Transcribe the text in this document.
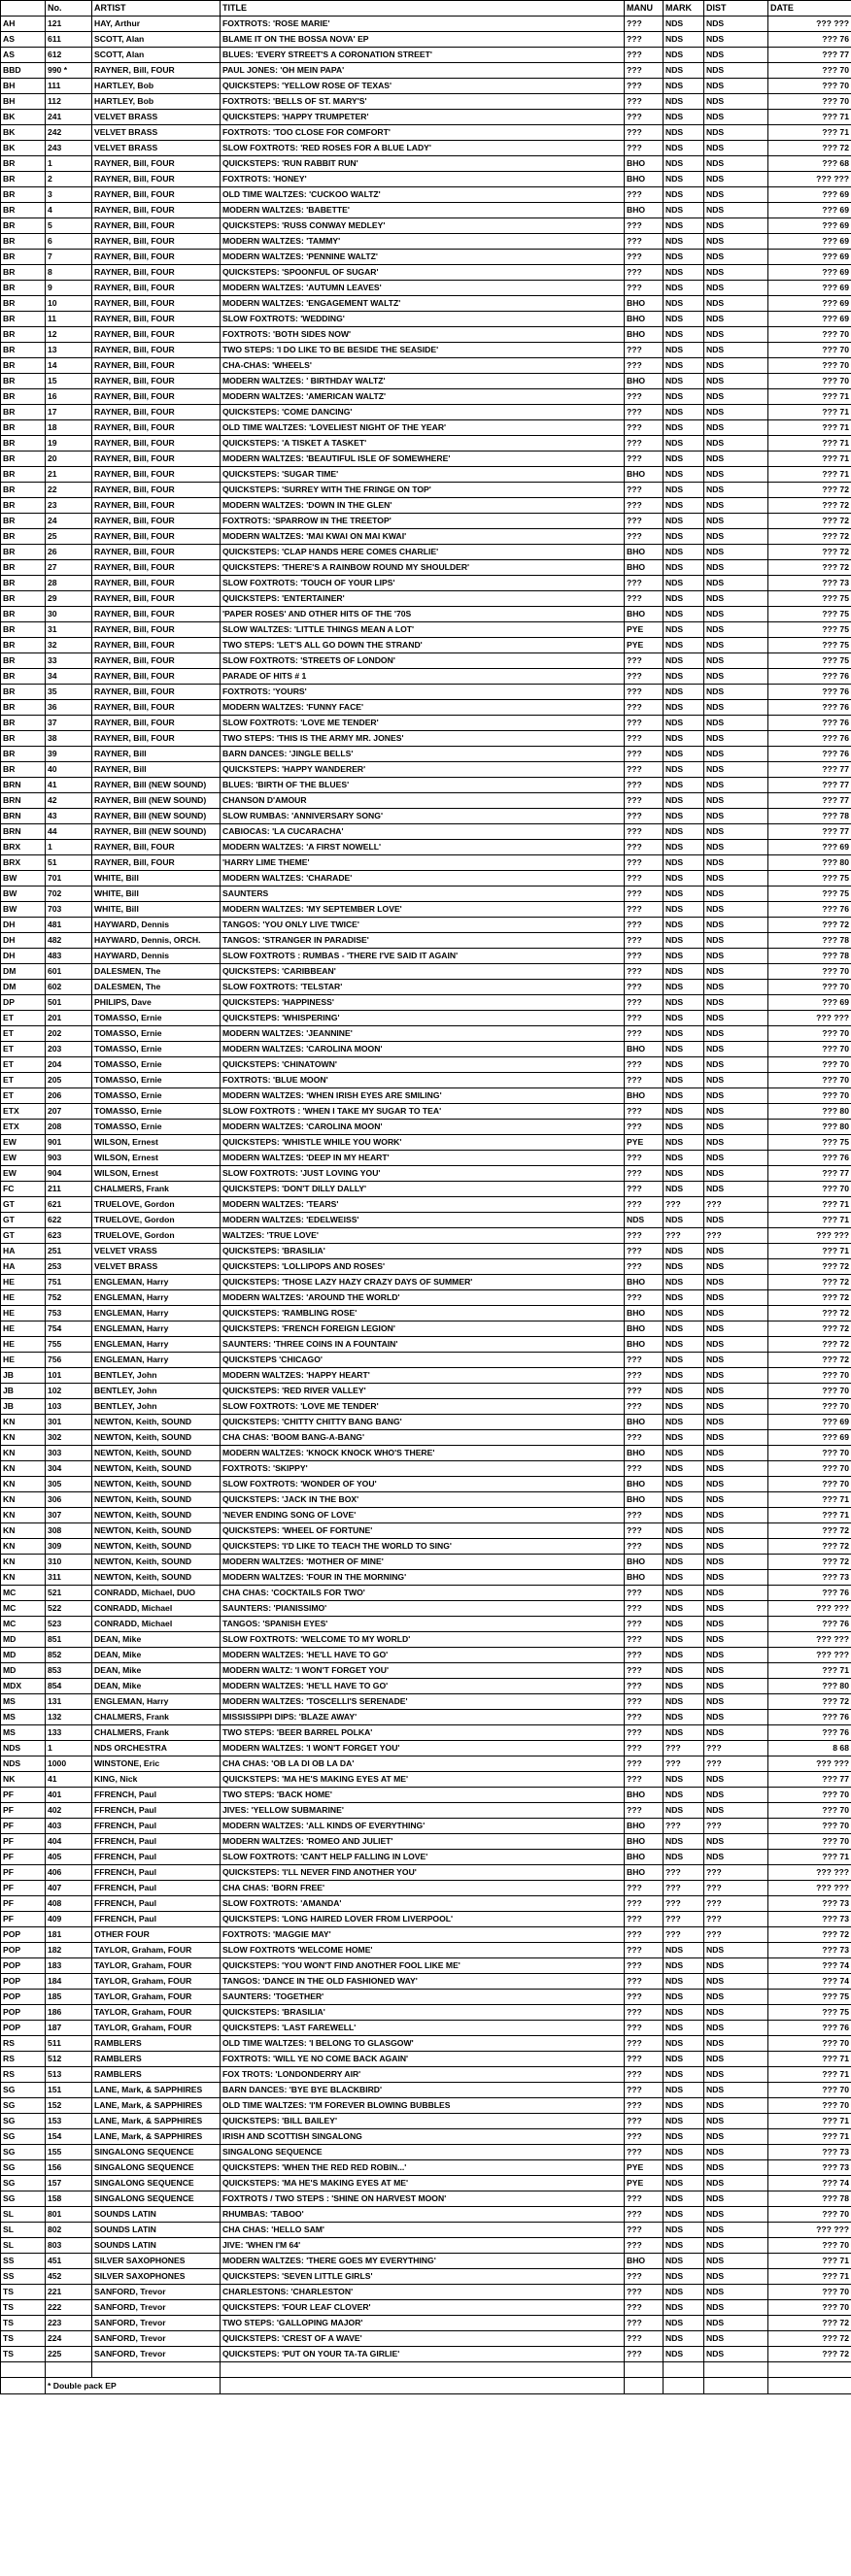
	No.	ARTIST	TITLE	MANU	MARK	DIST	DATE
AH	121	HAY, Arthur	FOXTROTS: 'ROSE MARIE'	???	NDS	NDS	??? ???
AS	611	SCOTT, Alan	BLAME IT ON THE BOSSA NOVA' EP	???	NDS	NDS	??? 76
AS	612	SCOTT, Alan	BLUES: 'EVERY STREET'S A CORONATION STREET'	???	NDS	NDS	??? 77
BBD	990 *	RAYNER, Bill, FOUR	PAUL JONES: 'OH MEIN PAPA'	???	NDS	NDS	??? 70
BH	111	HARTLEY, Bob	QUICKSTEPS: 'YELLOW ROSE OF TEXAS'	???	NDS	NDS	??? 70
BH	112	HARTLEY, Bob	FOXTROTS: 'BELLS OF ST. MARY'S'	???	NDS	NDS	??? 70
BK	241	VELVET BRASS	QUICKSTEPS: 'HAPPY TRUMPETER'	???	NDS	NDS	??? 71
BK	242	VELVET BRASS	FOXTROTS: 'TOO CLOSE FOR COMFORT'	???	NDS	NDS	??? 71
BK	243	VELVET BRASS	SLOW FOXTROTS: 'RED ROSES FOR A BLUE LADY'	???	NDS	NDS	??? 72
BR	1	RAYNER, Bill, FOUR	QUICKSTEPS: 'RUN RABBIT RUN'	BHO	NDS	NDS	??? 68
BR	2	RAYNER, Bill, FOUR	FOXTROTS: 'HONEY'	BHO	NDS	NDS	??? ???
BR	3	RAYNER, Bill, FOUR	OLD TIME WALTZES: 'CUCKOO WALTZ'	???	NDS	NDS	??? 69
BR	4	RAYNER, Bill, FOUR	MODERN WALTZES: 'BABETTE'	BHO	NDS	NDS	??? 69
BR	5	RAYNER, Bill, FOUR	QUICKSTEPS: 'RUSS CONWAY MEDLEY'	???	NDS	NDS	??? 69
BR	6	RAYNER, Bill, FOUR	MODERN WALTZES: 'TAMMY'	???	NDS	NDS	??? 69
BR	7	RAYNER, Bill, FOUR	MODERN WALTZES: 'PENNINE WALTZ'	???	NDS	NDS	??? 69
BR	8	RAYNER, Bill, FOUR	QUICKSTEPS: 'SPOONFUL OF SUGAR'	???	NDS	NDS	??? 69
BR	9	RAYNER, Bill, FOUR	MODERN WALTZES: 'AUTUMN LEAVES'	???	NDS	NDS	??? 69
BR	10	RAYNER, Bill, FOUR	MODERN WALTZES: 'ENGAGEMENT WALTZ'	BHO	NDS	NDS	??? 69
BR	11	RAYNER, Bill, FOUR	SLOW FOXTROTS: 'WEDDING'	BHO	NDS	NDS	??? 69
BR	12	RAYNER, Bill, FOUR	FOXTROTS: 'BOTH SIDES NOW'	BHO	NDS	NDS	??? 70
BR	13	RAYNER, Bill, FOUR	TWO STEPS: 'I DO LIKE TO BE BESIDE THE SEASIDE'	???	NDS	NDS	??? 70
BR	14	RAYNER, Bill, FOUR	CHA-CHAS: 'WHEELS'	???	NDS	NDS	??? 70
BR	15	RAYNER, Bill, FOUR	MODERN WALTZES: ' BIRTHDAY WALTZ'	BHO	NDS	NDS	??? 70
BR	16	RAYNER, Bill, FOUR	MODERN WALTZES: 'AMERICAN WALTZ'	???	NDS	NDS	??? 71
BR	17	RAYNER, Bill, FOUR	QUICKSTEPS: 'COME DANCING'	???	NDS	NDS	??? 71
BR	18	RAYNER, Bill, FOUR	OLD TIME WALTZES: 'LOVELIEST NIGHT OF THE YEAR'	???	NDS	NDS	??? 71
BR	19	RAYNER, Bill, FOUR	QUICKSTEPS: 'A TISKET A TASKET'	???	NDS	NDS	??? 71
BR	20	RAYNER, Bill, FOUR	MODERN WALTZES: 'BEAUTIFUL ISLE OF SOMEWHERE'	???	NDS	NDS	??? 71
BR	21	RAYNER, Bill, FOUR	QUICKSTEPS: 'SUGAR TIME'	BHO	NDS	NDS	??? 71
BR	22	RAYNER, Bill, FOUR	QUICKSTEPS: 'SURREY WITH THE FRINGE ON TOP'	???	NDS	NDS	??? 72
BR	23	RAYNER, Bill, FOUR	MODERN WALTZES: 'DOWN IN THE GLEN'	???	NDS	NDS	??? 72
BR	24	RAYNER, Bill, FOUR	FOXTROTS: 'SPARROW IN THE TREETOP'	???	NDS	NDS	??? 72
BR	25	RAYNER, Bill, FOUR	MODERN WALTZES: 'MAI KWAI ON MAI KWAI'	???	NDS	NDS	??? 72
BR	26	RAYNER, Bill, FOUR	QUICKSTEPS: 'CLAP HANDS HERE COMES CHARLIE'	BHO	NDS	NDS	??? 72
BR	27	RAYNER, Bill, FOUR	QUICKSTEPS: 'THERE'S A RAINBOW ROUND MY SHOULDER'	BHO	NDS	NDS	??? 72
BR	28	RAYNER, Bill, FOUR	SLOW FOXTROTS: 'TOUCH OF YOUR LIPS'	???	NDS	NDS	??? 73
BR	29	RAYNER, Bill, FOUR	QUICKSTEPS: 'ENTERTAINER'	???	NDS	NDS	??? 75
BR	30	RAYNER, Bill, FOUR	'PAPER ROSES' AND OTHER HITS OF THE '70S	BHO	NDS	NDS	??? 75
BR	31	RAYNER, Bill, FOUR	SLOW WALTZES: 'LITTLE THINGS MEAN A LOT'	PYE	NDS	NDS	??? 75
BR	32	RAYNER, Bill, FOUR	TWO STEPS: 'LET'S ALL GO DOWN THE STRAND'	PYE	NDS	NDS	??? 75
BR	33	RAYNER, Bill, FOUR	SLOW FOXTROTS: 'STREETS OF LONDON'	???	NDS	NDS	??? 75
BR	34	RAYNER, Bill, FOUR	PARADE OF HITS # 1	???	NDS	NDS	??? 76
BR	35	RAYNER, Bill, FOUR	FOXTROTS: 'YOURS'	???	NDS	NDS	??? 76
BR	36	RAYNER, Bill, FOUR	MODERN WALTZES: 'FUNNY FACE'	???	NDS	NDS	??? 76
BR	37	RAYNER, Bill, FOUR	SLOW FOXTROTS: 'LOVE ME TENDER'	???	NDS	NDS	??? 76
BR	38	RAYNER, Bill, FOUR	TWO STEPS: 'THIS IS THE ARMY MR. JONES'	???	NDS	NDS	??? 76
BR	39	RAYNER, Bill	BARN DANCES: 'JINGLE BELLS'	???	NDS	NDS	??? 76
BR	40	RAYNER, Bill	QUICKSTEPS: 'HAPPY WANDERER'	???	NDS	NDS	??? 77
BRN	41	RAYNER, Bill (NEW SOUND)	BLUES: 'BIRTH OF THE BLUES'	???	NDS	NDS	??? 77
BRN	42	RAYNER, Bill (NEW SOUND)	CHANSON D'AMOUR	???	NDS	NDS	??? 77
BRN	43	RAYNER, Bill (NEW SOUND)	SLOW RUMBAS: 'ANNIVERSARY SONG'	???	NDS	NDS	??? 78
BRN	44	RAYNER, Bill (NEW SOUND)	CABIOCAS: 'LA CUCARACHA'	???	NDS	NDS	??? 77
BRX	1	RAYNER, Bill, FOUR	MODERN WALTZES: 'A FIRST NOWELL'	???	NDS	NDS	??? 69
BRX	51	RAYNER, Bill, FOUR	'HARRY LIME THEME'	???	NDS	NDS	??? 80
BW	701	WHITE, Bill	MODERN WALTZES: 'CHARADE'	???	NDS	NDS	??? 75
BW	702	WHITE, Bill	SAUNTERS	???	NDS	NDS	??? 75
BW	703	WHITE, Bill	MODERN WALTZES: 'MY SEPTEMBER LOVE'	???	NDS	NDS	??? 76
DH	481	HAYWARD, Dennis	TANGOS: 'YOU ONLY LIVE TWICE'	???	NDS	NDS	??? 72
DH	482	HAYWARD, Dennis, ORCH.	TANGOS: 'STRANGER IN PARADISE'	???	NDS	NDS	??? 78
DH	483	HAYWARD, Dennis	SLOW FOXTROTS : RUMBAS - 'THERE I'VE SAID IT AGAIN'	???	NDS	NDS	??? 78
DM	601	DALESMEN, The	QUICKSTEPS: 'CARIBBEAN'	???	NDS	NDS	??? 70
DM	602	DALESMEN, The	SLOW FOXTROTS: 'TELSTAR'	???	NDS	NDS	??? 70
DP	501	PHILIPS, Dave	QUICKSTEPS: 'HAPPINESS'	???	NDS	NDS	??? 69
ET	201	TOMASSO, Ernie	QUICKSTEPS: 'WHISPERING'	???	NDS	NDS	??? ???
ET	202	TOMASSO, Ernie	MODERN WALTZES: 'JEANNINE'	???	NDS	NDS	??? 70
ET	203	TOMASSO, Ernie	MODERN WALTZES: 'CAROLINA MOON'	BHO	NDS	NDS	??? 70
ET	204	TOMASSO, Ernie	QUICKSTEPS: 'CHINATOWN'	???	NDS	NDS	??? 70
ET	205	TOMASSO, Ernie	FOXTROTS: 'BLUE MOON'	???	NDS	NDS	??? 70
ET	206	TOMASSO, Ernie	MODERN WALTZES: 'WHEN IRISH EYES ARE SMILING'	BHO	NDS	NDS	??? 70
ETX	207	TOMASSO, Ernie	SLOW FOXTROTS : 'WHEN I TAKE MY SUGAR TO TEA'	???	NDS	NDS	??? 80
ETX	208	TOMASSO, Ernie	MODERN WALTZES: 'CAROLINA MOON'	???	NDS	NDS	??? 80
EW	901	WILSON, Ernest	QUICKSTEPS: 'WHISTLE WHILE YOU WORK'	PYE	NDS	NDS	??? 75
EW	903	WILSON, Ernest	MODERN WALTZES: 'DEEP IN MY HEART'	???	NDS	NDS	??? 76
EW	904	WILSON, Ernest	SLOW FOXTROTS: 'JUST LOVING YOU'	???	NDS	NDS	??? 77
FC	211	CHALMERS, Frank	QUICKSTEPS: 'DON'T DILLY DALLY'	???	NDS	NDS	??? 70
GT	621	TRUELOVE, Gordon	MODERN WALTZES: 'TEARS'	???	???	???	??? 71
GT	622	TRUELOVE, Gordon	MODERN WALTZES: 'EDELWEISS'	NDS	NDS	NDS	??? 71
GT	623	TRUELOVE, Gordon	WALTZES: 'TRUE LOVE'	???	???	???	??? ???
HA	251	VELVET VRASS	QUICKSTEPS: 'BRASILIA'	???	NDS	NDS	??? 71
HA	253	VELVET BRASS	QUICKSTEPS: 'LOLLIPOPS AND ROSES'	???	NDS	NDS	??? 72
HE	751	ENGLEMAN, Harry	QUICKSTEPS: 'THOSE LAZY HAZY CRAZY DAYS OF SUMMER'	BHO	NDS	NDS	??? 72
HE	752	ENGLEMAN, Harry	MODERN WALTZES: 'AROUND THE WORLD'	???	NDS	NDS	??? 72
HE	753	ENGLEMAN, Harry	QUICKSTEPS: 'RAMBLING ROSE'	BHO	NDS	NDS	??? 72
HE	754	ENGLEMAN, Harry	QUICKSTEPS: 'FRENCH FOREIGN LEGION'	BHO	NDS	NDS	??? 72
HE	755	ENGLEMAN, Harry	SAUNTERS: 'THREE COINS IN A FOUNTAIN'	BHO	NDS	NDS	??? 72
HE	756	ENGLEMAN, Harry	QUICKSTEPS 'CHICAGO'	???	NDS	NDS	??? 72
JB	101	BENTLEY, John	MODERN WALTZES: 'HAPPY HEART'	???	NDS	NDS	??? 70
JB	102	BENTLEY, John	QUICKSTEPS: 'RED RIVER VALLEY'	???	NDS	NDS	??? 70
JB	103	BENTLEY, John	SLOW FOXTROTS: 'LOVE ME TENDER'	???	NDS	NDS	??? 70
KN	301	NEWTON, Keith, SOUND	QUICKSTEPS: 'CHITTY CHITTY BANG BANG'	BHO	NDS	NDS	??? 69
KN	302	NEWTON, Keith, SOUND	CHA CHAS: 'BOOM BANG-A-BANG'	???	NDS	NDS	??? 69
KN	303	NEWTON, Keith, SOUND	MODERN WALTZES: 'KNOCK KNOCK WHO'S THERE'	BHO	NDS	NDS	??? 70
KN	304	NEWTON, Keith, SOUND	FOXTROTS: 'SKIPPY'	???	NDS	NDS	??? 70
KN	305	NEWTON, Keith, SOUND	SLOW FOXTROTS: 'WONDER OF YOU'	BHO	NDS	NDS	??? 70
KN	306	NEWTON, Keith, SOUND	QUICKSTEPS: 'JACK IN THE BOX'	BHO	NDS	NDS	??? 71
KN	307	NEWTON, Keith, SOUND	'NEVER ENDING SONG OF LOVE'	???	NDS	NDS	??? 71
KN	308	NEWTON, Keith, SOUND	QUICKSTEPS: 'WHEEL OF FORTUNE'	???	NDS	NDS	??? 72
KN	309	NEWTON, Keith, SOUND	QUICKSTEPS: 'I'D LIKE TO TEACH THE WORLD TO SING'	???	NDS	NDS	??? 72
KN	310	NEWTON, Keith, SOUND	MODERN WALTZES: 'MOTHER OF MINE'	BHO	NDS	NDS	??? 72
KN	311	NEWTON, Keith, SOUND	MODERN WALTZES: 'FOUR IN THE MORNING'	BHO	NDS	NDS	??? 73
MC	521	CONRADD, Michael, DUO	CHA CHAS: 'COCKTAILS FOR TWO'	???	NDS	NDS	??? 76
MC	522	CONRADD, Michael	SAUNTERS: 'PIANISSIMO'	???	NDS	NDS	??? ???
MC	523	CONRADD, Michael	TANGOS: 'SPANISH EYES'	???	NDS	NDS	??? 76
MD	851	DEAN, Mike	SLOW FOXTROTS: 'WELCOME TO MY WORLD'	???	NDS	NDS	??? ???
MD	852	DEAN, Mike	MODERN WALTZES: 'HE'LL HAVE TO GO'	???	NDS	NDS	??? ???
MD	853	DEAN, Mike	MODERN WALTZ: 'I WON'T FORGET YOU'	???	NDS	NDS	??? 71
MDX	854	DEAN, Mike	MODERN WALTZES: 'HE'LL HAVE TO GO'	???	NDS	NDS	??? 80
MS	131	ENGLEMAN, Harry	MODERN WALTZES: 'TOSCELLI'S SERENADE'	???	NDS	NDS	??? 72
MS	132	CHALMERS, Frank	MISSISSIPPI DIPS: 'BLAZE AWAY'	???	NDS	NDS	??? 76
MS	133	CHALMERS, Frank	TWO STEPS: 'BEER BARREL POLKA'	???	NDS	NDS	??? 76
NDS	1	NDS ORCHESTRA	MODERN WALTZES: 'I WON'T FORGET YOU'	???	???	???	8 68
NDS	1000	WINSTONE, Eric	CHA CHAS: 'OB LA DI OB LA DA'	???	???	???	??? ???
NK	41	KING, Nick	QUICKSTEPS: 'MA HE'S MAKING EYES AT ME'	???	NDS	NDS	??? 77
PF	401	FFRENCH, Paul	TWO STEPS: 'BACK HOME'	BHO	NDS	NDS	??? 70
PF	402	FFRENCH, Paul	JIVES: 'YELLOW SUBMARINE'	???	NDS	NDS	??? 70
PF	403	FFRENCH, Paul	MODERN WALTZES: 'ALL KINDS OF EVERYTHING'	BHO	???	???	??? 70
PF	404	FFRENCH, Paul	MODERN WALTZES: 'ROMEO AND JULIET'	BHO	NDS	NDS	??? 70
PF	405	FFRENCH, Paul	SLOW FOXTROTS: 'CAN'T HELP FALLING IN LOVE'	BHO	NDS	NDS	??? 71
PF	406	FFRENCH, Paul	QUICKSTEPS: 'I'LL NEVER FIND ANOTHER YOU'	BHO	???	???	??? ???
PF	407	FFRENCH, Paul	CHA CHAS: 'BORN FREE'	???	???	???	??? ???
PF	408	FFRENCH, Paul	SLOW FOXTROTS: 'AMANDA'	???	???	???	??? 73
PF	409	FFRENCH, Paul	QUICKSTEPS: 'LONG HAIRED LOVER FROM LIVERPOOL'	???	???	???	??? 73
POP	181	OTHER FOUR	FOXTROTS: 'MAGGIE MAY'	???	???	???	??? 72
POP	182	TAYLOR, Graham, FOUR	SLOW FOXTROTS 'WELCOME HOME'	???	NDS	NDS	??? 73
POP	183	TAYLOR, Graham, FOUR	QUICKSTEPS: 'YOU WON'T FIND ANOTHER FOOL LIKE ME'	???	NDS	NDS	??? 74
POP	184	TAYLOR, Graham, FOUR	TANGOS: 'DANCE IN THE OLD FASHIONED WAY'	???	NDS	NDS	??? 74
POP	185	TAYLOR, Graham, FOUR	SAUNTERS: 'TOGETHER'	???	NDS	NDS	??? 75
POP	186	TAYLOR, Graham, FOUR	QUICKSTEPS: 'BRASILIA'	???	NDS	NDS	??? 75
POP	187	TAYLOR, Graham, FOUR	QUICKSTEPS: 'LAST FAREWELL'	???	NDS	NDS	??? 76
RS	511	RAMBLERS	OLD TIME WALTZES: 'I BELONG TO GLASGOW'	???	NDS	NDS	??? 70
RS	512	RAMBLERS	FOXTROTS: 'WILL YE NO COME BACK AGAIN'	???	NDS	NDS	??? 71
RS	513	RAMBLERS	FOX TROTS: 'LONDONDERRY AIR'	???	NDS	NDS	??? 71
SG	151	LANE, Mark, & SAPPHIRES	BARN DANCES: 'BYE BYE BLACKBIRD'	???	NDS	NDS	??? 70
SG	152	LANE, Mark, & SAPPHIRES	OLD TIME WALTZES: 'I'M FOREVER BLOWING BUBBLES	???	NDS	NDS	??? 70
SG	153	LANE, Mark, & SAPPHIRES	QUICKSTEPS: 'BILL BAILEY'	???	NDS	NDS	??? 71
SG	154	LANE, Mark, & SAPPHIRES	IRISH AND SCOTTISH SINGALONG	???	NDS	NDS	??? 71
SG	155	SINGALONG SEQUENCE	SINGALONG SEQUENCE	???	NDS	NDS	??? 73
SG	156	SINGALONG SEQUENCE	QUICKSTEPS: 'WHEN THE RED RED ROBIN...'	PYE	NDS	NDS	??? 73
SG	157	SINGALONG SEQUENCE	QUICKSTEPS: 'MA HE'S MAKING EYES AT ME'	PYE	NDS	NDS	??? 74
SG	158	SINGALONG SEQUENCE	FOXTROTS / TWO STEPS : 'SHINE ON HARVEST MOON'	???	NDS	NDS	??? 78
SL	801	SOUNDS LATIN	RHUMBAS: 'TABOO'	???	NDS	NDS	??? 70
SL	802	SOUNDS LATIN	CHA CHAS: 'HELLO SAM'	???	NDS	NDS	??? ???
SL	803	SOUNDS LATIN	JIVE: 'WHEN I'M 64'	???	NDS	NDS	??? 70
SS	451	SILVER SAXOPHONES	MODERN WALTZES: 'THERE GOES MY EVERYTHING'	BHO	NDS	NDS	??? 71
SS	452	SILVER SAXOPHONES	QUICKSTEPS: 'SEVEN LITTLE GIRLS'	???	NDS	NDS	??? 71
TS	221	SANFORD, Trevor	CHARLESTONS: 'CHARLESTON'	???	NDS	NDS	??? 70
TS	222	SANFORD, Trevor	QUICKSTEPS: 'FOUR LEAF CLOVER'	???	NDS	NDS	??? 70
TS	223	SANFORD, Trevor	TWO STEPS: 'GALLOPING MAJOR'	???	NDS	NDS	??? 72
TS	224	SANFORD, Trevor	QUICKSTEPS: 'CREST OF A WAVE'	???	NDS	NDS	??? 72
TS	225	SANFORD, Trevor	QUICKSTEPS: 'PUT ON YOUR TA-TA GIRLIE'	???	NDS	NDS	??? 72

	* Double pack EP						
